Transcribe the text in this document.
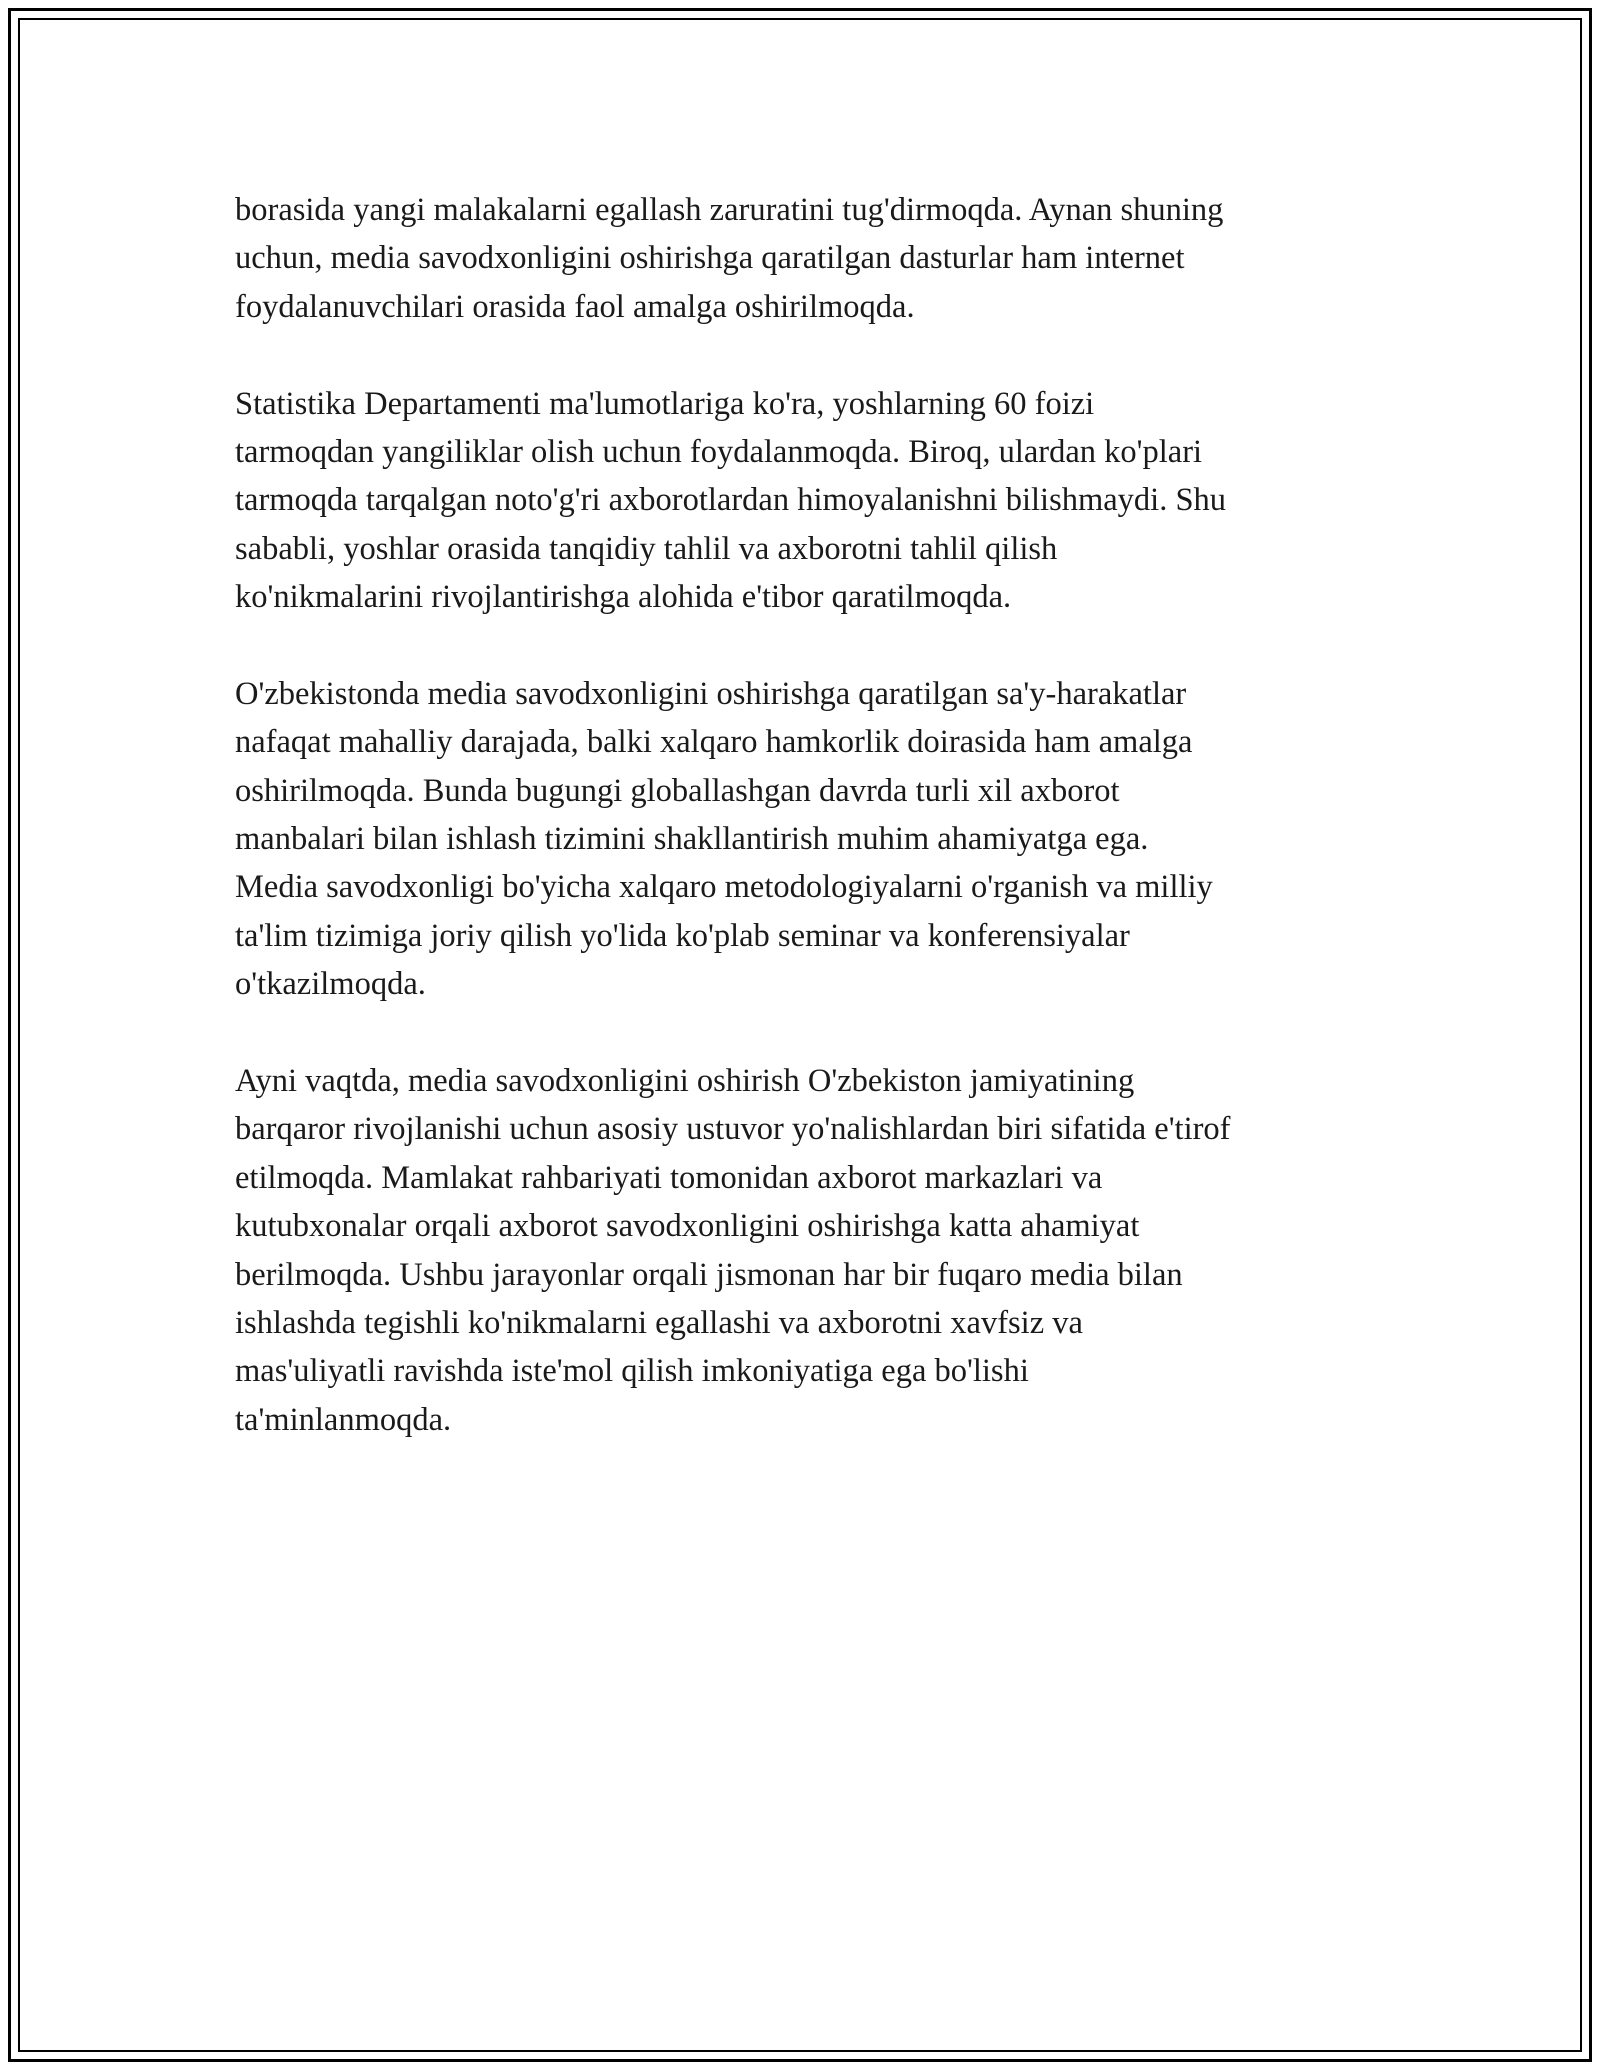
borasida yangi malakalarni egallash zaruratini tug'dirmoqda. Aynan shuning
uchun, media savodxonligini oshirishga qaratilgan dasturlar ham internet
foydalanuvchilari orasida faol amalga oshirilmoqda.

Statistika Departamenti ma'lumotlariga ko'ra, yoshlarning 60 foizi
tarmoqdan yangiliklar olish uchun foydalanmoqda. Biroq, ulardan ko'plari
tarmoqda tarqalgan noto'g'ri axborotlardan himoyalanishni bilishmaydi. Shu
sababli, yoshlar orasida tanqidiy tahlil va axborotni tahlil qilish
ko'nikmalarini rivojlantirishga alohida e'tibor qaratilmoqda.

O'zbekistonda media savodxonligini oshirishga qaratilgan sa'y-harakatlar
nafaqat mahalliy darajada, balki xalqaro hamkorlik doirasida ham amalga
oshirilmoqda. Bunda bugungi globallashgan davrda turli xil axborot
manbalari bilan ishlash tizimini shakllantirish muhim ahamiyatga ega.
Media savodxonligi bo'yicha xalqaro metodologiyalarni o'rganish va milliy
ta'lim tizimiga joriy qilish yo'lida ko'plab seminar va konferensiyalar
o'tkazilmoqda.

Ayni vaqtda, media savodxonligini oshirish O'zbekiston jamiyatining
barqaror rivojlanishi uchun asosiy ustuvor yo'nalishlardan biri sifatida e'tirof
etilmoqda. Mamlakat rahbariyati tomonidan axborot markazlari va
kutubxonalar orqali axborot savodxonligini oshirishga katta ahamiyat
berilmoqda. Ushbu jarayonlar orqali jismonan har bir fuqaro media bilan
ishlashda tegishli ko'nikmalarni egallashi va axborotni xavfsiz va
mas'uliyatli ravishda iste'mol qilish imkoniyatiga ega bo'lishi
ta'minlanmoqda.
